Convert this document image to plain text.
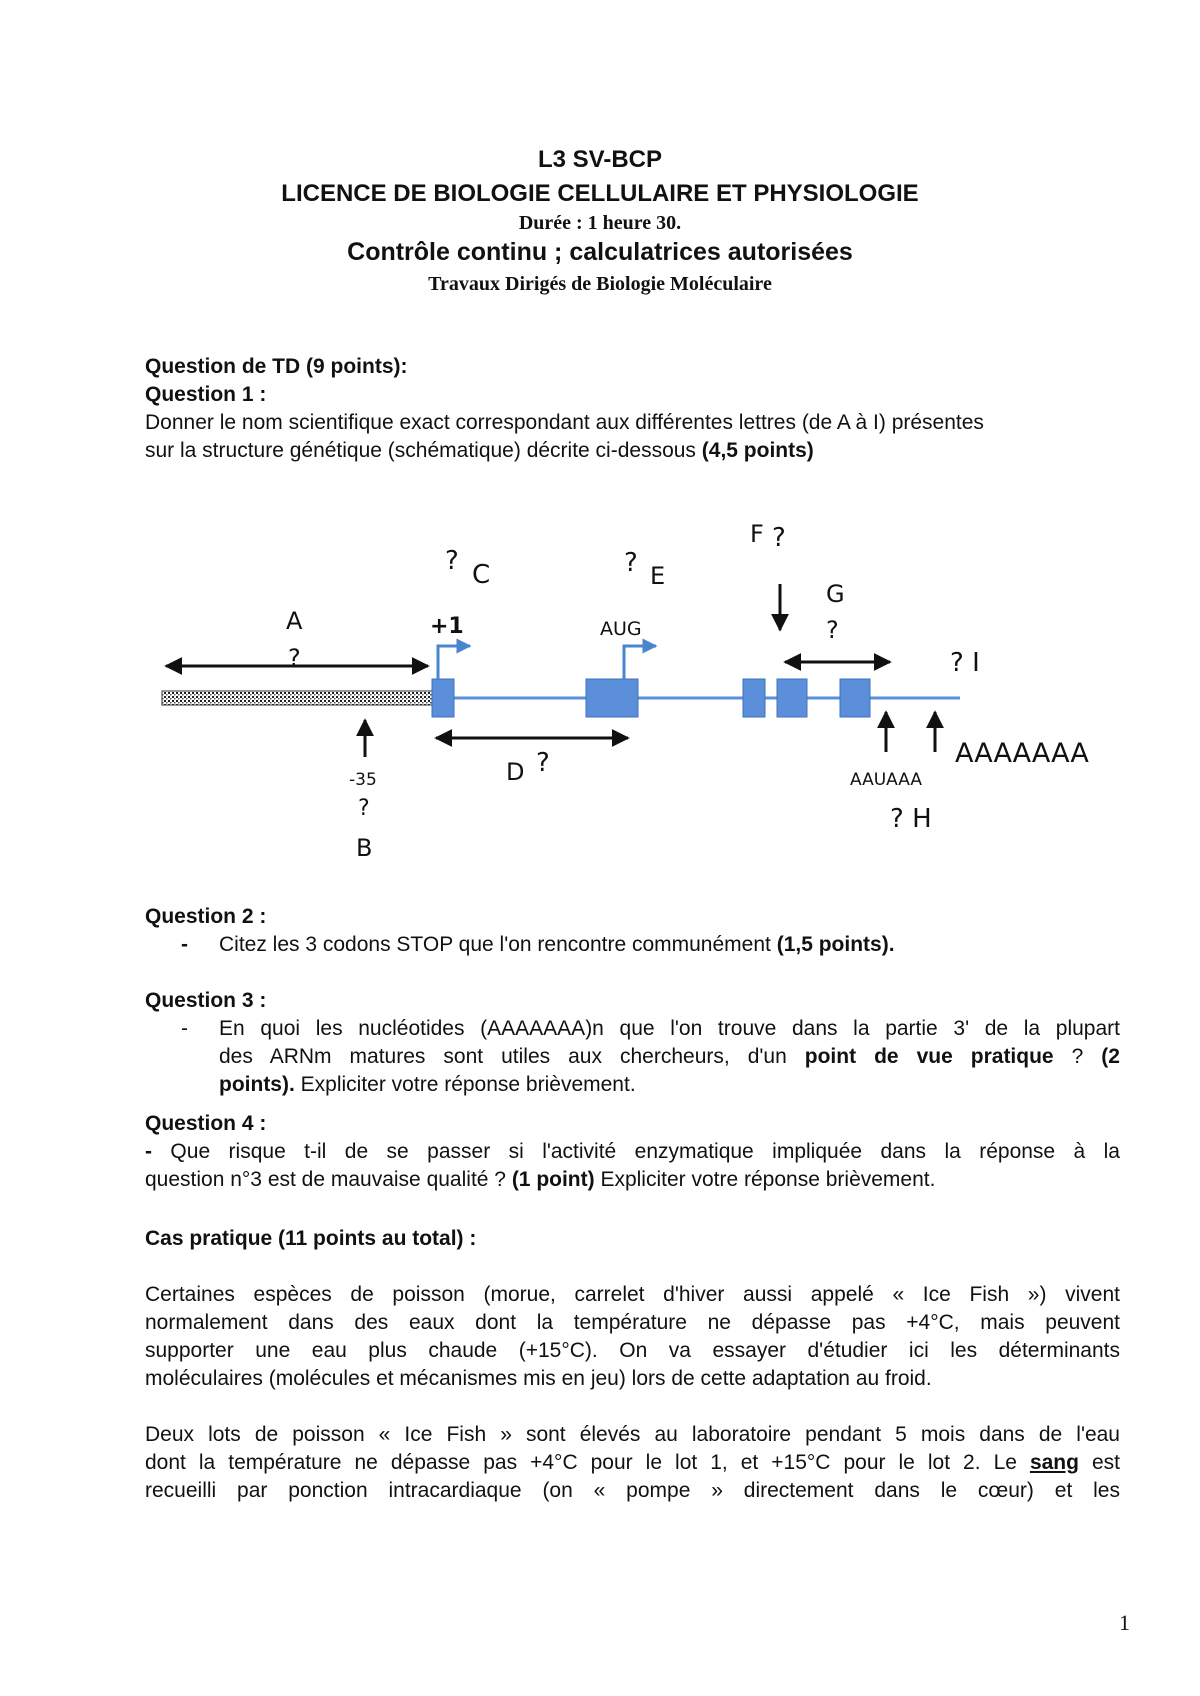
L3 SV-BCP
LICENCE DE BIOLOGIE CELLULAIRE ET PHYSIOLOGIE
Durée : 1 heure 30.
Contrôle continu ; calculatrices autorisées
Travaux Dirigés de Biologie Moléculaire
Question de TD (9 points):
Question 1 :
Donner le nom scientifique exact correspondant aux différentes lettres (de A à I) présentes
sur la structure génétique (schématique) décrite ci-dessous (4,5 points)
A
?
? C
+1
? E
AUG
F ?
G
?
? I
-35
?
B
D ?
AAUAAA
AAAAAAA
? H
Question 2 :
- Citez les 3 codons STOP que l'on rencontre communément (1,5 points).
Question 3 :
- En quoi les nucléotides (AAAAAAA)n que l'on trouve dans la partie 3' de la plupart
des ARNm matures sont utiles aux chercheurs, d'un point de vue pratique ? (2
points). Expliciter votre réponse brièvement.
Question 4 :
- Que risque t-il de se passer si l'activité enzymatique impliquée dans la réponse à la
question n°3 est de mauvaise qualité ? (1 point) Expliciter votre réponse brièvement.
Cas pratique (11 points au total) :
Certaines espèces de poisson (morue, carrelet d'hiver aussi appelé « Ice Fish ») vivent
normalement dans des eaux dont la température ne dépasse pas +4°C, mais peuvent
supporter une eau plus chaude (+15°C). On va essayer d'étudier ici les déterminants
moléculaires (molécules et mécanismes mis en jeu) lors de cette adaptation au froid.
Deux lots de poisson « Ice Fish » sont élevés au laboratoire pendant 5 mois dans de l'eau
dont la température ne dépasse pas +4°C pour le lot 1, et +15°C pour le lot 2. Le sang est
recueilli par ponction intracardiaque (on « pompe » directement dans le cœur) et les
1
